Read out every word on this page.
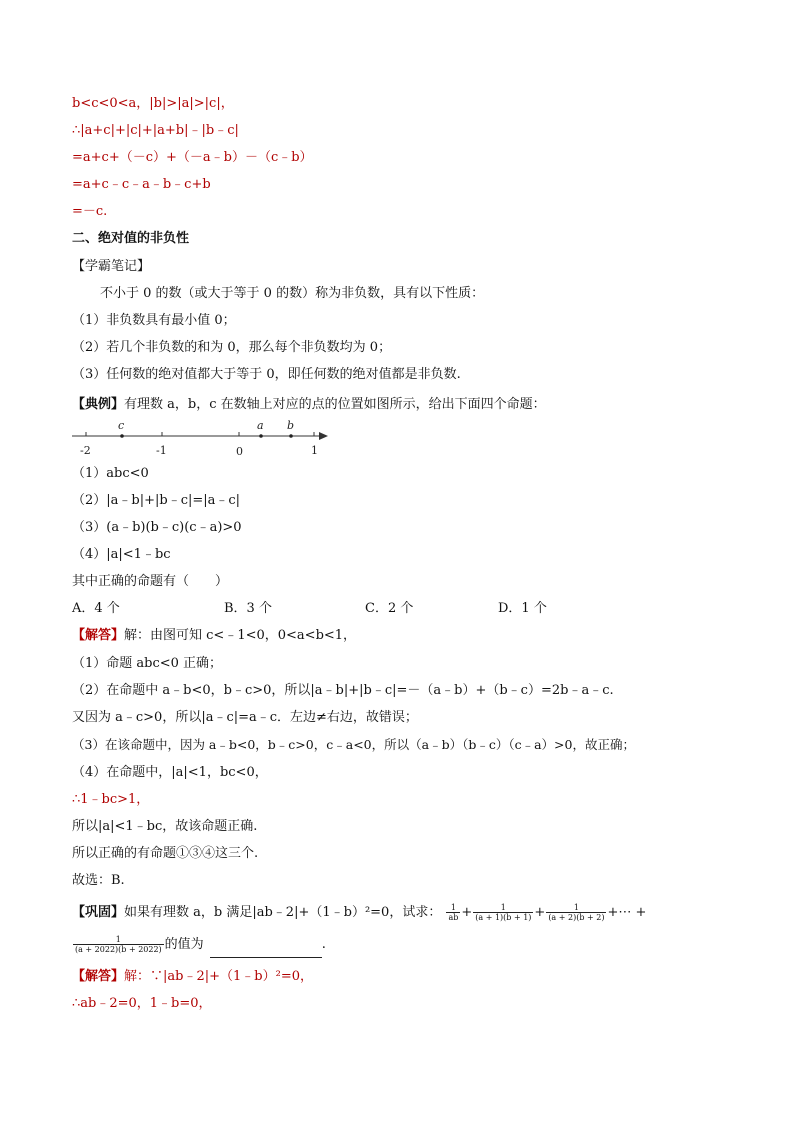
b<c<0<a，|b|>|a|>|c|，
∴|a+c|+|c|+|a+b|﹣|b﹣c|
=a+c+（－c）+（－a﹣b）－（c﹣b）
=a+c﹣c﹣a﹣b﹣c+b
=－c.
二、绝对值的非负性
【学霸笔记】
不小于 0 的数（或大于等于 0 的数）称为非负数，具有以下性质：
（1）非负数具有最小值 0；
（2）若几个非负数的和为 0，那么每个非负数均为 0；
（3）任何数的绝对值都大于等于 0，即任何数的绝对值都是非负数.
【典例】有理数 a，b，c 在数轴上对应的点的位置如图所示，给出下面四个命题：
-2	-1	0	1
c	a b
（1）abc<0
（2）|a﹣b|+|b﹣c|=|a﹣c|
（3）(a﹣b)(b﹣c)(c﹣a)>0
（4）|a|<1﹣bc
其中正确的命题有（　　）
A．4 个	B．3 个	C．2 个	D．1 个
【解答】解：由图可知 c<﹣1<0，0<a<b<1，
（1）命题 abc<0 正确；
（2）在命题中 a﹣b<0，b﹣c>0，所以|a﹣b|+|b﹣c|=－（a﹣b）+（b﹣c）=2b﹣a﹣c.
又因为 a﹣c>0，所以|a﹣c|=a﹣c．左边≠右边，故错误；
（3）在该命题中，因为 a﹣b<0，b﹣c>0，c﹣a<0，所以（a﹣b）（b﹣c）（c﹣a）>0，故正确；
（4）在命题中，|a|<1，bc<0，
∴1﹣bc>1，
所以|a|<1﹣bc，故该命题正确.
所以正确的有命题①③④这三个.
故选：B.
【巩固】如果有理数 a，b 满足|ab﹣2|+（1﹣b）²=0，试求： $\frac{1}{ab} + \frac{1}{(a + 1)(b + 1)} + \frac{1}{(a + 2)(b + 2)}$ +⋯ +
$\frac{1}{(a + 2022)(b + 2022)}$ 的值为	.
【解答】解：∵|ab﹣2|+（1﹣b）²=0，
∴ab﹣2=0，1﹣b=0，
